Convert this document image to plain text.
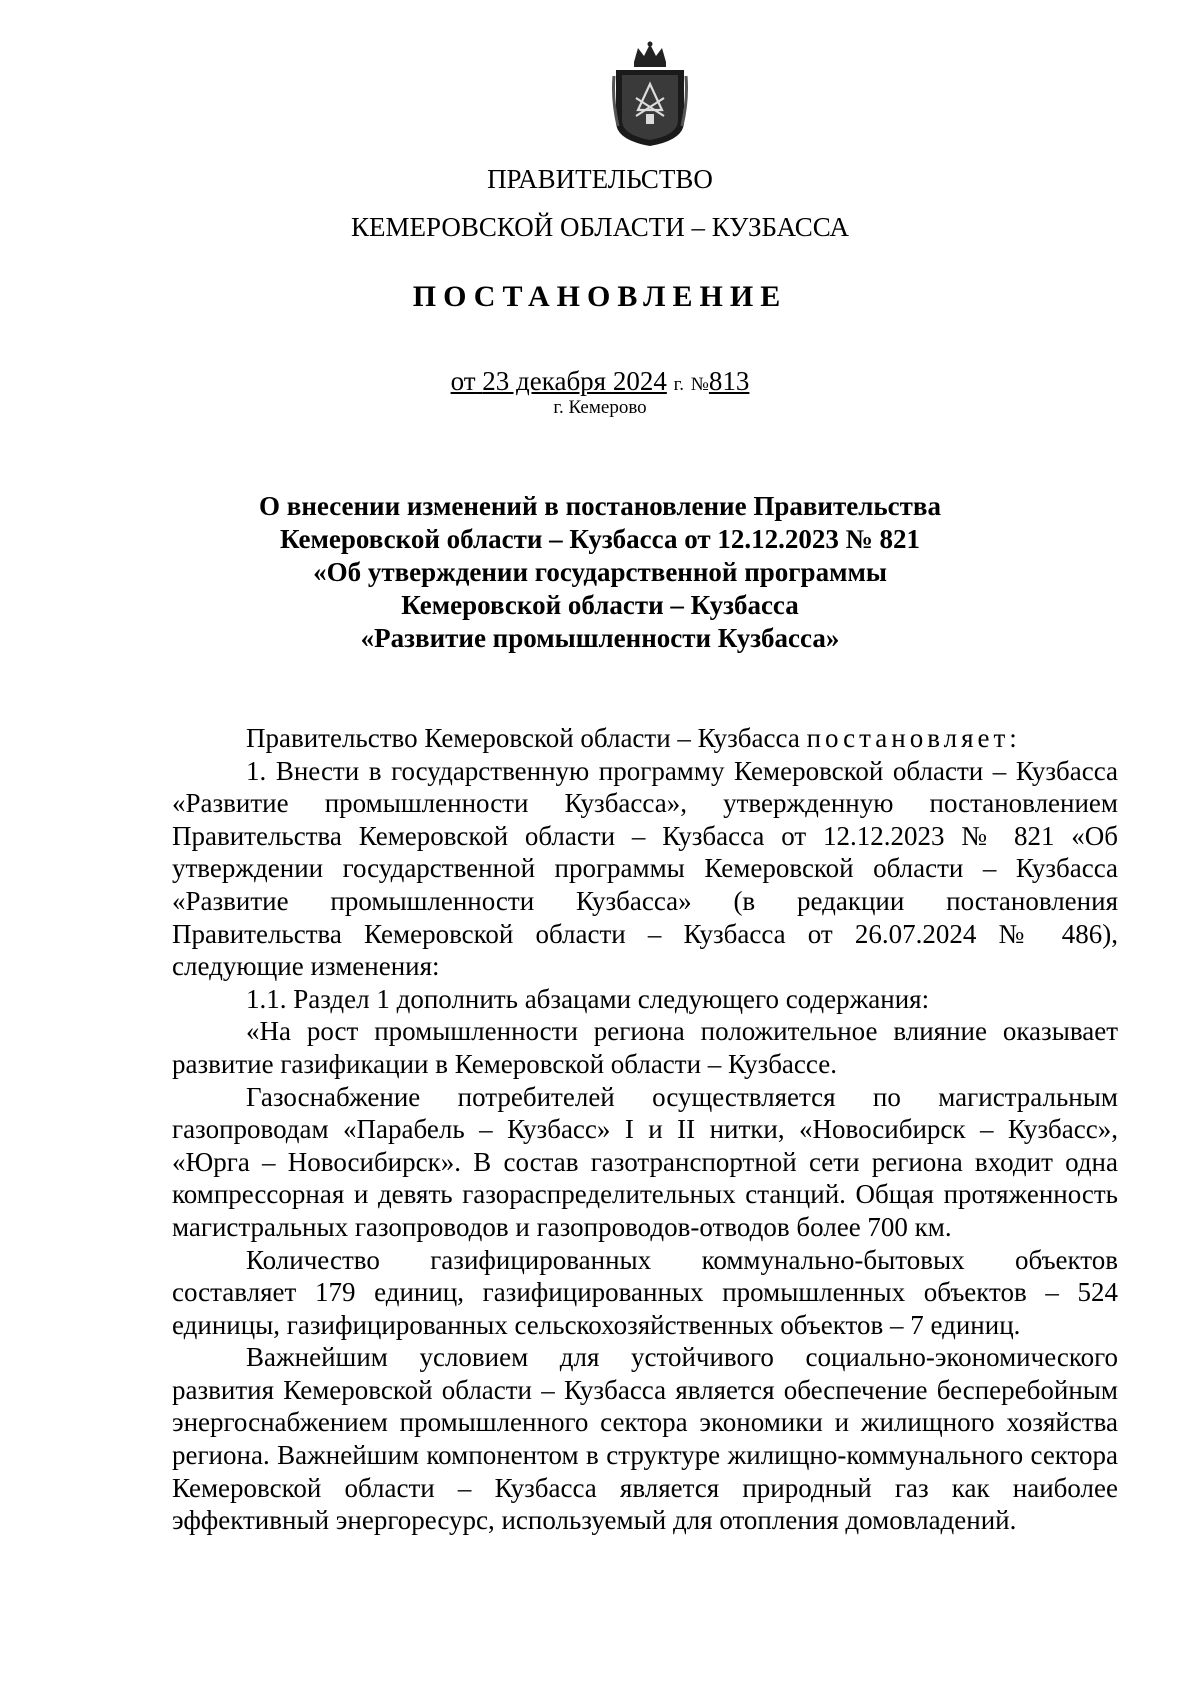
ПРАВИТЕЛЬСТВО
КЕМЕРОВСКОЙ ОБЛАСТИ – КУЗБАССА
ПОСТАНОВЛЕНИЕ
от 23 декабря 2024 г. №813
г. Кемерово
О внесении изменений в постановление Правительства
Кемеровской области – Кузбасса от 12.12.2023 № 821
«Об утверждении государственной программы
Кемеровской области – Кузбасса
«Развитие промышленности Кузбасса»

Правительство Кемеровской области – Кузбасса постановляет:

1. Внести в государственную программу Кемеровской области – Кузбасса «Развитие промышленности Кузбасса», утвержденную постановлением Правительства Кемеровской области – Кузбасса от 12.12.2023 № 821 «Об утверждении государственной программы Кемеровской области – Кузбасса «Развитие промышленности Кузбасса» (в редакции постановления Правительства Кемеровской области – Кузбасса от 26.07.2024 № 486), следующие изменения:

1.1. Раздел 1 дополнить абзацами следующего содержания:

«На рост промышленности региона положительное влияние оказывает развитие газификации в Кемеровской области – Кузбассе.

Газоснабжение потребителей осуществляется по магистральным газопроводам «Парабель – Кузбасс» I и II нитки, «Новосибирск – Кузбасс», «Юрга – Новосибирск». В состав газотранспортной сети региона входит одна компрессорная и девять газораспределительных станций. Общая протяженность магистральных газопроводов и газопроводов-отводов более 700 км.

Количество газифицированных коммунально-бытовых объектов составляет 179 единиц, газифицированных промышленных объектов – 524 единицы, газифицированных сельскохозяйственных объектов – 7 единиц.

Важнейшим условием для устойчивого социально-экономического развития Кемеровской области – Кузбасса является обеспечение бесперебойным энергоснабжением промышленного сектора экономики и жилищного хозяйства региона. Важнейшим компонентом в структуре жилищно-коммунального сектора Кемеровской области – Кузбасса является природный газ как наиболее эффективный энергоресурс, используемый для отопления домовладений.
